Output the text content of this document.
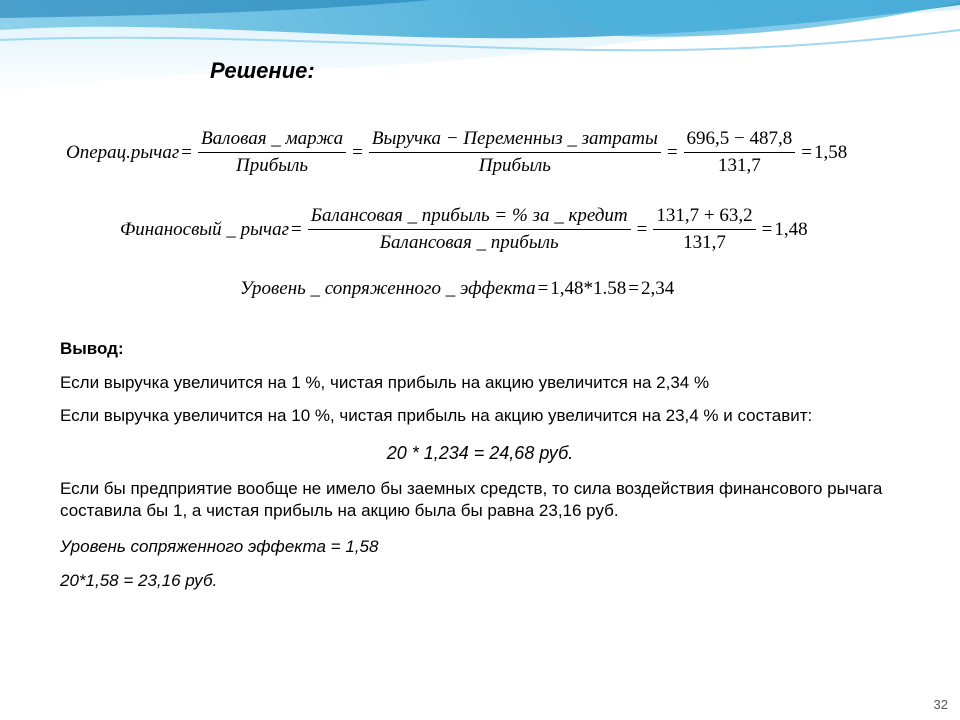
Решение:
Операц.рычаг = $\frac{\text{Валовая \_ маржа}}{\text{Прибыль}} = \frac{\text{Выручка − Переменныз \_ затраты}}{\text{Прибыль}} = \frac{696,5 - 487,8}{131,7} = 1,58$
Финаносвый _ рычаг = $\frac{\text{Балансовая \_ прибыль = \% за \_ кредит}}{\text{Балансовая \_ прибыль}} = \frac{131,7 + 63,2}{131,7} = 1,48$
Уровень _ сопряженного _ эффекта = 1,48*1.58 = 2,34
Вывод:
Если выручка увеличится на 1 %, чистая прибыль на акцию увеличится на 2,34 %
Если выручка увеличится на 10 %, чистая прибыль на акцию увеличится на 23,4 % и составит:
20 * 1,234 = 24,68 руб.
Если бы предприятие вообще не имело бы заемных средств, то сила воздействия финансового рычага составила бы 1, а чистая прибыль на акцию была бы равна 23,16 руб.
Уровень сопряженного эффекта = 1,58
20*1,58 = 23,16 руб.
32
